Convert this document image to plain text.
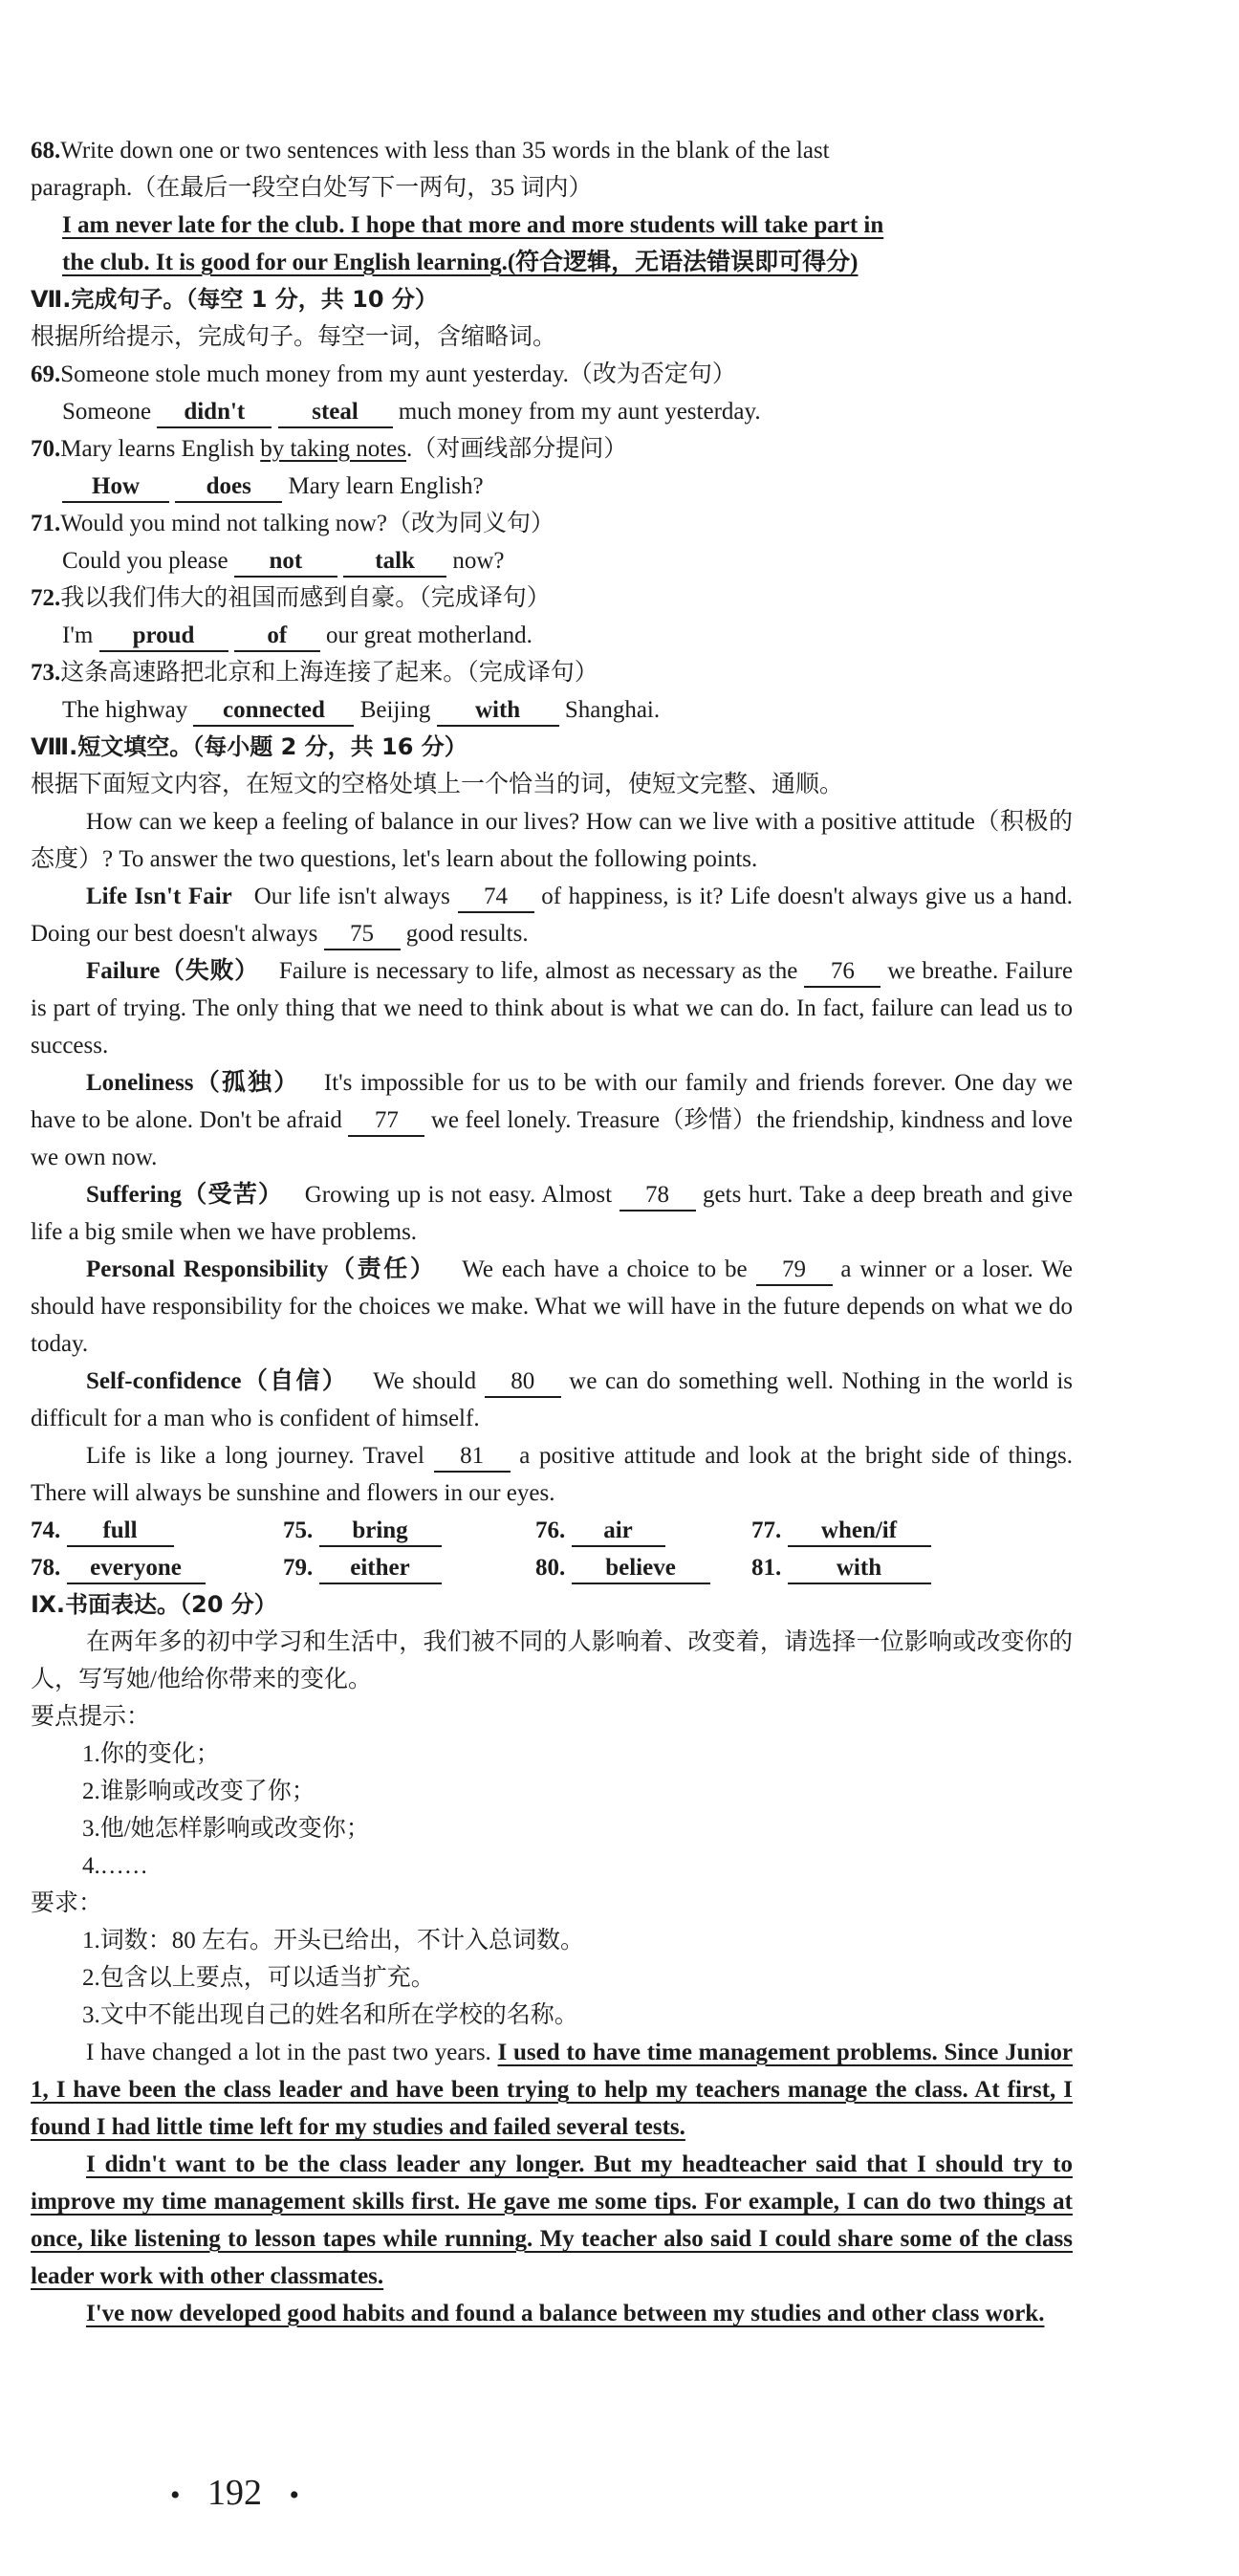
68.Write down one or two sentences with less than 35 words in the blank of the last
paragraph.（在最后一段空白处写下一两句，35 词内）
I am never late for the club. I hope that more and more students will take part in
the club. It is good for our English learning.(符合逻辑，无语法错误即可得分)
Ⅶ.完成句子。（每空 1 分，共 10 分）
根据所给提示，完成句子。每空一词，含缩略词。
69.Someone stole much money from my aunt yesterday.（改为否定句）
Someone didn't	steal much money from my aunt yesterday.
70.Mary learns English by taking notes.（对画线部分提问）
How	does Mary learn English?
71.Would you mind not talking now?（改为同义句）
Could you please not	talk now?
72.我以我们伟大的祖国而感到自豪。（完成译句）
I'm proud	of our great motherland.
73.这条高速路把北京和上海连接了起来。（完成译句）
The highway connected Beijing with Shanghai.
Ⅷ.短文填空。（每小题 2 分，共 16 分）
根据下面短文内容，在短文的空格处填上一个恰当的词，使短文完整、通顺。
How can we keep a feeling of balance in our lives? How can we live with a positive attitude（积极的态度）? To answer the two questions, let's learn about the following points.
Life Isn't Fair Our life isn't always 74 of happiness, is it? Life doesn't always give us a hand. Doing our best doesn't always 75 good results.
Failure（失败） Failure is necessary to life, almost as necessary as the 76 we breathe. Failure is part of trying. The only thing that we need to think about is what we can do. In fact, failure can lead us to success.
Loneliness（孤独） It's impossible for us to be with our family and friends forever. One day we have to be alone. Don't be afraid 77 we feel lonely. Treasure（珍惜）the friendship, kindness and love we own now.
Suffering（受苦） Growing up is not easy. Almost 78 gets hurt. Take a deep breath and give life a big smile when we have problems.
Personal Responsibility（责任） We each have a choice to be 79 a winner or a loser. We should have responsibility for the choices we make. What we will have in the future depends on what we do today.
Self-confidence（自信） We should 80 we can do something well. Nothing in the world is difficult for a man who is confident of himself.
Life is like a long journey. Travel 81 a positive attitude and look at the bright side of things. There will always be sunshine and flowers in our eyes.
74. full	75. bring	76. air	77. when/if
78. everyone	79. either	80. believe	81. with
Ⅸ.书面表达。（20 分）
在两年多的初中学习和生活中，我们被不同的人影响着、改变着，请选择一位影响或改变你的人，写写她/他给你带来的变化。
要点提示：
1.你的变化；
2.谁影响或改变了你；
3.他/她怎样影响或改变你；
4.……
要求：
1.词数：80 左右。开头已给出，不计入总词数。
2.包含以上要点，可以适当扩充。
3.文中不能出现自己的姓名和所在学校的名称。
I have changed a lot in the past two years. I used to have time management problems. Since Junior 1, I have been the class leader and have been trying to help my teachers manage the class. At first, I found I had little time left for my studies and failed several tests.
I didn't want to be the class leader any longer. But my headteacher said that I should try to improve my time management skills first. He gave me some tips. For example, I can do two things at once, like listening to lesson tapes while running. My teacher also said I could share some of the class leader work with other classmates.
I've now developed good habits and found a balance between my studies and other class work.
• 192 •
